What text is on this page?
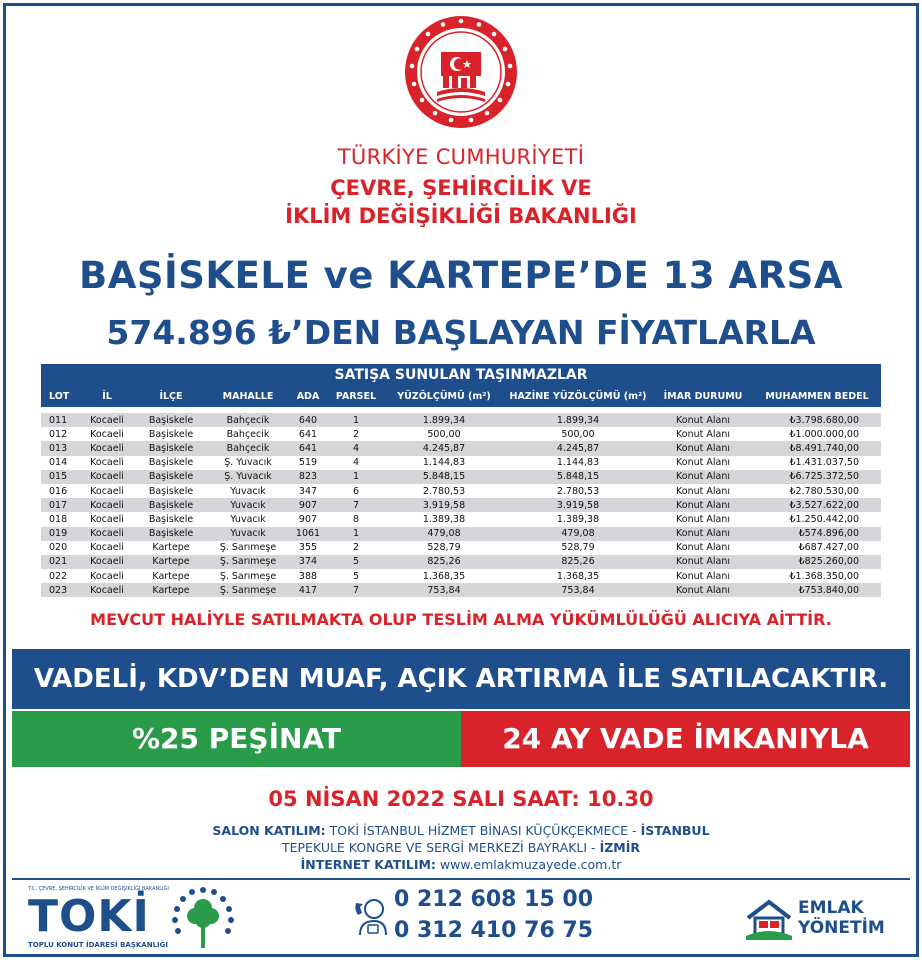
TÜRKİYE CUMHURİYETİ
ÇEVRE, ŞEHİRCİLİK VE
İKLİM DEĞİŞİKLİĞİ BAKANLIĞI
BAŞİSKELE ve KARTEPE’DE 13 ARSA
574.896 ₺’DEN BAŞLAYAN FİYATLARLA
SATIŞA SUNULAN TAŞINMAZLAR
LOT	İL	İLÇE	MAHALLE	ADA	PARSEL	YÜZÖLÇÜMÜ (m²)	HAZİNE YÜZÖLÇÜMÜ (m²)	İMAR DURUMU	MUHAMMEN BEDEL

011	Kocaeli	Başiskele	Bahçecik	640	1	1.899,34	1.899,34	Konut Alanı	₺3.798.680,00
012	Kocaeli	Başiskele	Bahçecik	641	2	500,00	500,00	Konut Alanı	₺1.000.000,00
013	Kocaeli	Başiskele	Bahçecik	641	4	4.245,87	4.245,87	Konut Alanı	₺8.491.740,00
014	Kocaeli	Başiskele	Ş. Yuvacık	519	4	1.144,83	1.144,83	Konut Alanı	₺1.431.037,50
015	Kocaeli	Başiskele	Ş. Yuvacık	823	1	5.848,15	5.848,15	Konut Alanı	₺6.725.372,50
016	Kocaeli	Başiskele	Yuvacık	347	6	2.780,53	2.780,53	Konut Alanı	₺2.780.530,00
017	Kocaeli	Başiskele	Yuvacık	907	7	3.919,58	3.919,58	Konut Alanı	₺3.527.622,00
018	Kocaeli	Başiskele	Yuvacık	907	8	1.389,38	1.389,38	Konut Alanı	₺1.250.442,00
019	Kocaeli	Başiskele	Yuvacık	1061	1	479,08	479,08	Konut Alanı	₺574.896,00
020	Kocaeli	Kartepe	Ş. Sarımeşe	355	2	528,79	528,79	Konut Alanı	₺687.427,00
021	Kocaeli	Kartepe	Ş. Sarımeşe	374	5	825,26	825,26	Konut Alanı	₺825.260,00
022	Kocaeli	Kartepe	Ş. Sarımeşe	388	5	1.368,35	1.368,35	Konut Alanı	₺1.368.350,00
023	Kocaeli	Kartepe	Ş. Sarımeşe	417	7	753,84	753,84	Konut Alanı	₺753.840,00
MEVCUT HALİYLE SATILMAKTA OLUP TESLİM ALMA YÜKÜMLÜLÜĞÜ ALICIYA AİTTİR.
VADELİ, KDV’DEN MUAF, AÇIK ARTIRMA İLE SATILACAKTIR.
%25 PEŞİNAT	24 AY VADE İMKANIYLA
05 NİSAN 2022 SALI SAAT: 10.30
SALON KATILIM: TOKİ İSTANBUL HİZMET BİNASI KÜÇÜKÇEKMECE - İSTANBUL
TEPEKULE KONGRE VE SERGİ MERKEZİ BAYRAKLI - İZMİR
İNTERNET KATILIM: www.emlakmuzayede.com.tr
T.C. ÇEVRE, ŞEHİRCİLİK VE İKLİM DEĞİŞİKLİĞİ BAKANLIĞI
TOKİ
TOPLU KONUT İDARESİ BAŞKANLIĞI
0 212 608 15 00
0 312 410 76 75
EMLAK
YÖNETİM
